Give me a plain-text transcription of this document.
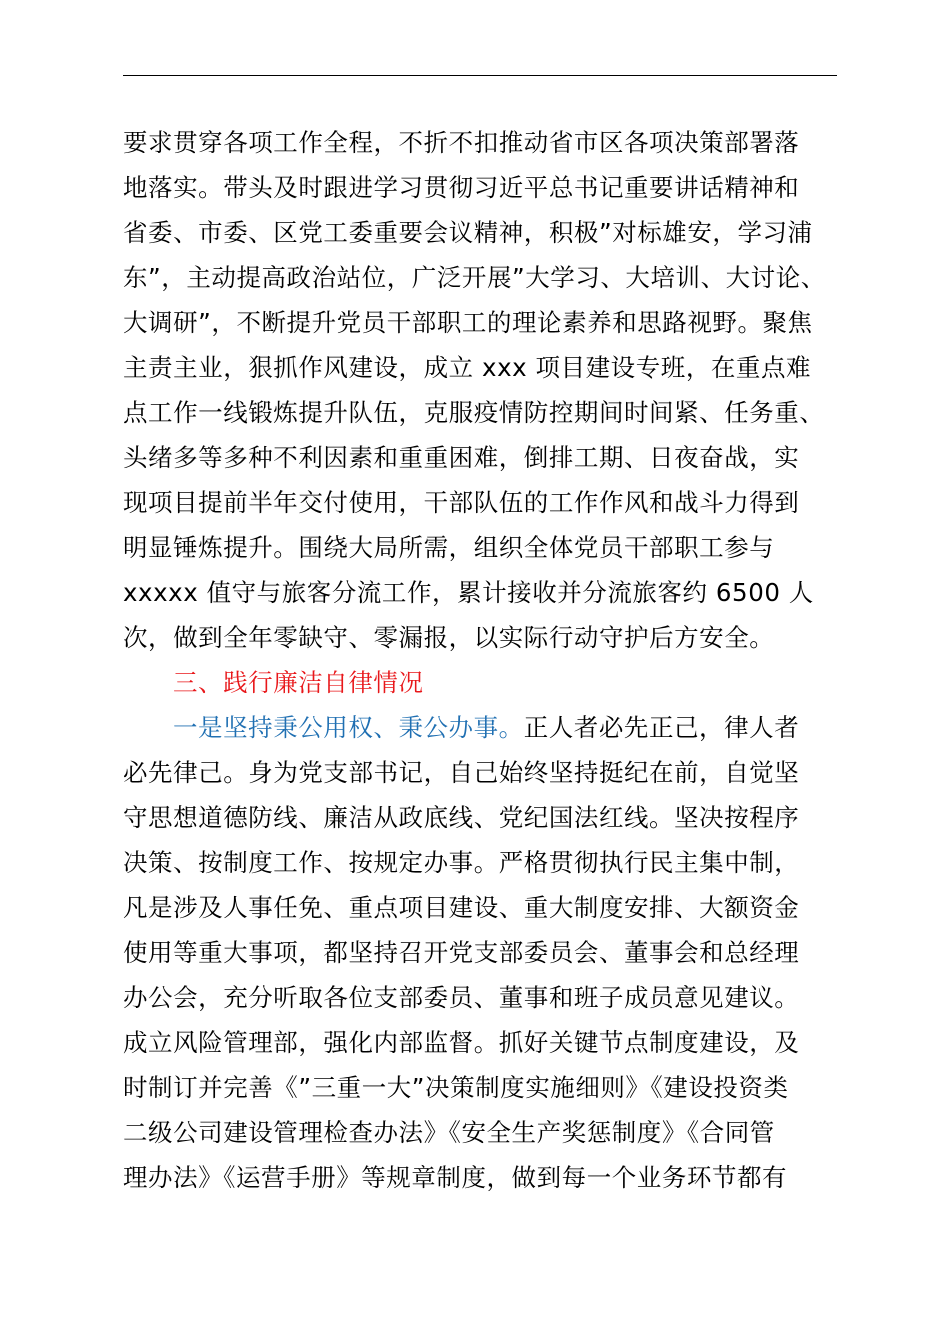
要求贯穿各项工作全程，不折不扣推动省市区各项决策部署落
地落实。带头及时跟进学习贯彻习近平总书记重要讲话精神和
省委、市委、区党工委重要会议精神，积极”对标雄安，学习浦
东”，主动提高政治站位，广泛开展”大学习、大培训、大讨论、
大调研”，不断提升党员干部职工的理论素养和思路视野。聚焦
主责主业，狠抓作风建设，成立 xxx 项目建设专班，在重点难
点工作一线锻炼提升队伍，克服疫情防控期间时间紧、任务重、
头绪多等多种不利因素和重重困难，倒排工期、日夜奋战，实
现项目提前半年交付使用，干部队伍的工作作风和战斗力得到
明显锤炼提升。围绕大局所需，组织全体党员干部职工参与
xxxxx 值守与旅客分流工作，累计接收并分流旅客约 6500 人
次，做到全年零缺守、零漏报，以实际行动守护后方安全。
三、践行廉洁自律情况
一是坚持秉公用权、秉公办事。正人者必先正己，律人者
必先律己。身为党支部书记，自己始终坚持挺纪在前，自觉坚
守思想道德防线、廉洁从政底线、党纪国法红线。坚决按程序
决策、按制度工作、按规定办事。严格贯彻执行民主集中制，
凡是涉及人事任免、重点项目建设、重大制度安排、大额资金
使用等重大事项，都坚持召开党支部委员会、董事会和总经理
办公会，充分听取各位支部委员、董事和班子成员意见建议。
成立风险管理部，强化内部监督。抓好关键节点制度建设，及
时制订并完善《”三重一大”决策制度实施细则》《建设投资类
二级公司建设管理检查办法》《安全生产奖惩制度》《合同管
理办法》《运营手册》等规章制度，做到每一个业务环节都有
